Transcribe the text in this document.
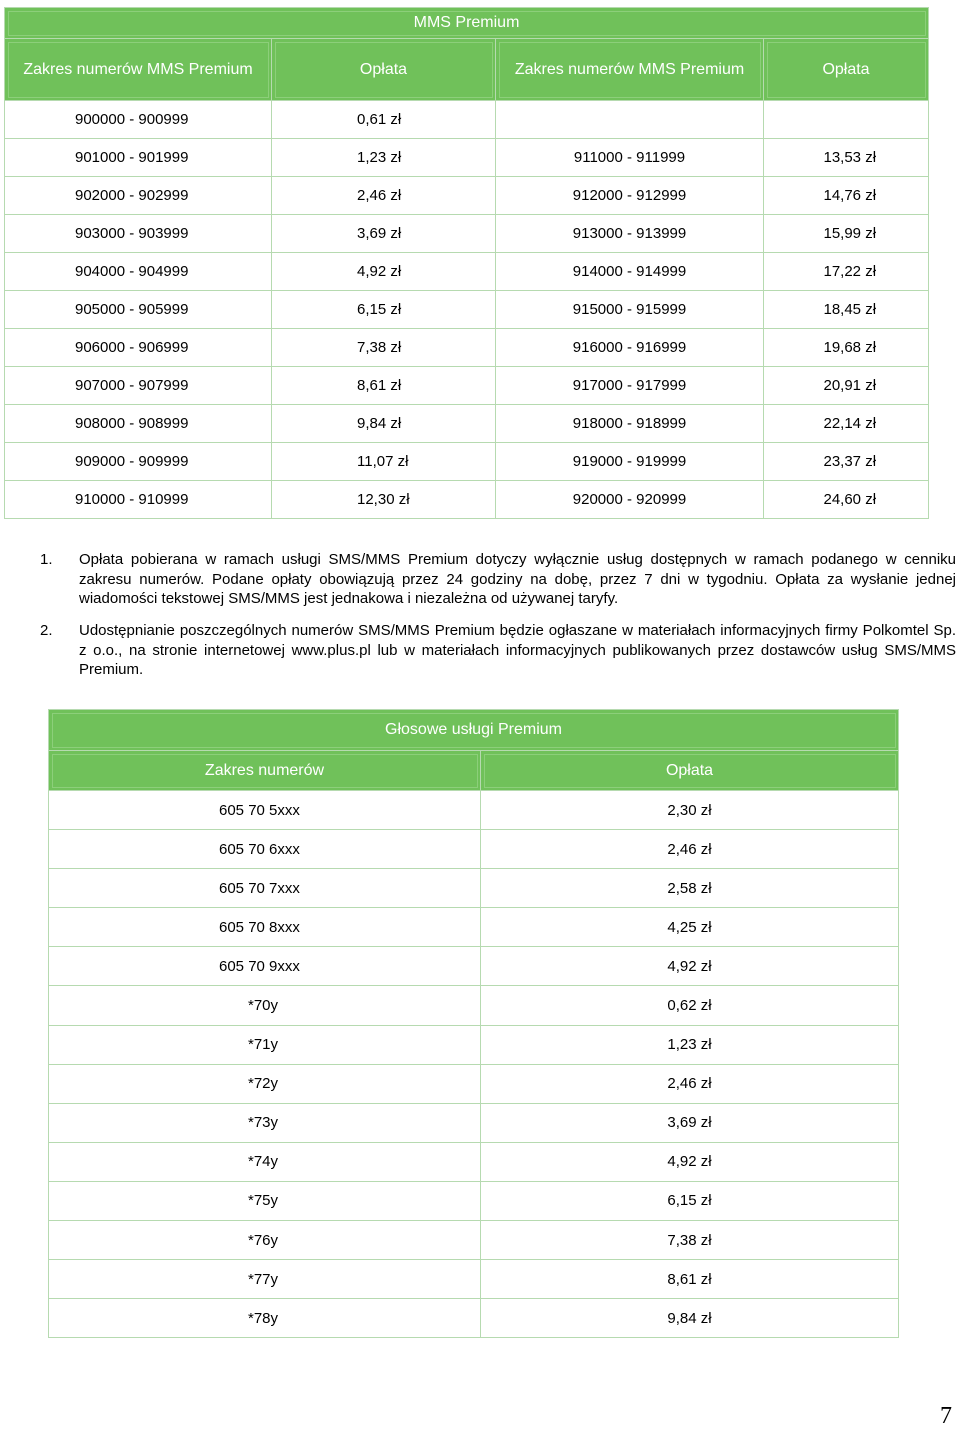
MMS Premium			
Zakres numerów MMS Premium	Opłata	Zakres numerów MMS Premium	Opłata
900000 - 900999	0,61 zł		
901000 - 901999	1,23 zł	911000 - 911999	13,53 zł
902000 - 902999	2,46 zł	912000 - 912999	14,76 zł
903000 - 903999	3,69 zł	913000 - 913999	15,99 zł
904000 - 904999	4,92 zł	914000 - 914999	17,22 zł
905000 - 905999	6,15 zł	915000 - 915999	18,45 zł
906000 - 906999	7,38 zł	916000 - 916999	19,68 zł
907000 - 907999	8,61 zł	917000 - 917999	20,91 zł
908000 - 908999	9,84 zł	918000 - 918999	22,14 zł
909000 - 909999	11,07 zł	919000 - 919999	23,37 zł
910000 - 910999	12,30 zł	920000 - 920999	24,60 zł
1. Opłata pobierana w ramach usługi SMS/MMS Premium dotyczy wyłącznie usług dostępnych w ramach podanego w cenniku zakresu numerów. Podane opłaty obowiązują przez 24 godziny na dobę, przez 7 dni w tygodniu. Opłata za wysłanie jednej wiadomości tekstowej SMS/MMS jest jednakowa i niezależna od używanej taryfy.
2. Udostępnianie poszczególnych numerów SMS/MMS Premium będzie ogłaszane w materiałach informacyjnych firmy Polkomtel Sp. z o.o., na stronie internetowej www.plus.pl lub w materiałach informacyjnych publikowanych przez dostawców usług SMS/MMS Premium.
Głosowe usługi Premium	
Zakres numerów	Opłata
605 70 5xxx	2,30 zł
605 70 6xxx	2,46 zł
605 70 7xxx	2,58 zł
605 70 8xxx	4,25 zł
605 70 9xxx	4,92 zł
*70y	0,62 zł
*71y	1,23 zł
*72y	2,46 zł
*73y	3,69 zł
*74y	4,92 zł
*75y	6,15 zł
*76y	7,38 zł
*77y	8,61 zł
*78y	9,84 zł
7
